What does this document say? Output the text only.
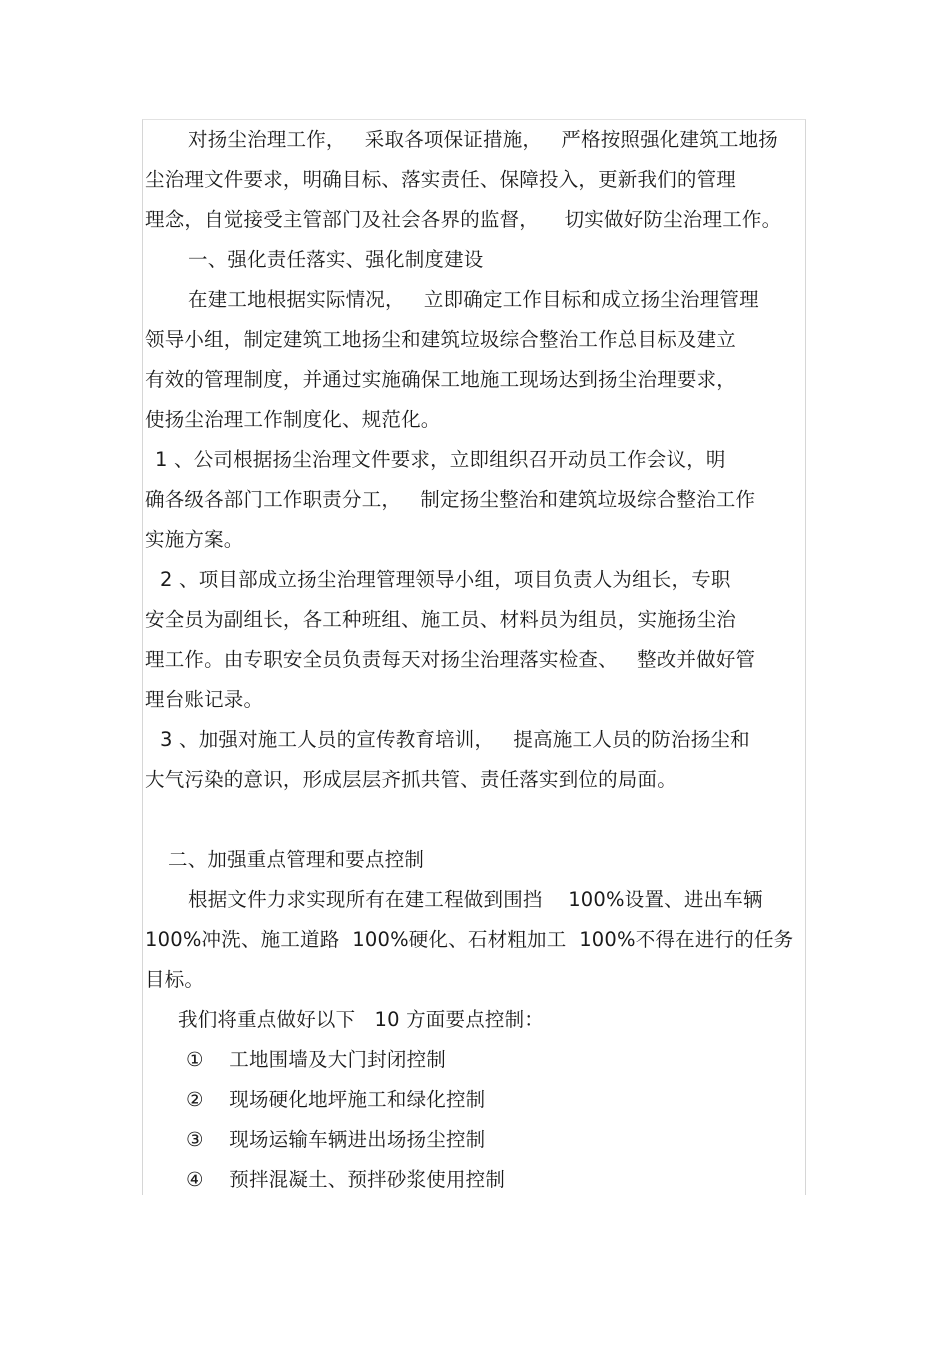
对扬尘治理工作，   采取各项保证措施，   严格按照强化建筑工地扬
尘治理文件要求，明确目标、落实责任、保障投入，更新我们的管理
理念，自觉接受主管部门及社会各界的监督，    切实做好防尘治理工作。
一、强化责任落实、强化制度建设
在建工地根据实际情况，   立即确定工作目标和成立扬尘治理管理
领导小组，制定建筑工地扬尘和建筑垃圾综合整治工作总目标及建立
有效的管理制度，并通过实施确保工地施工现场达到扬尘治理要求，
使扬尘治理工作制度化、规范化。
1 、公司根据扬尘治理文件要求，立即组织召开动员工作会议，明
确各级各部门工作职责分工，   制定扬尘整治和建筑垃圾综合整治工作
实施方案。
2 、项目部成立扬尘治理管理领导小组，项目负责人为组长，专职
安全员为副组长，各工种班组、施工员、材料员为组员，实施扬尘治
理工作。由专职安全员负责每天对扬尘治理落实检查、   整改并做好管
理台账记录。
3 、加强对施工人员的宣传教育培训，   提高施工人员的防治扬尘和
大气污染的意识，形成层层齐抓共管、责任落实到位的局面。
二、加强重点管理和要点控制
根据文件力求实现所有在建工程做到围挡    100%设置、进出车辆
100%冲洗、施工道路  100%硬化、石材粗加工  100%不得在进行的任务
目标。
我们将重点做好以下   10 方面要点控制：
①    工地围墙及大门封闭控制
②    现场硬化地坪施工和绿化控制
③    现场运输车辆进出场扬尘控制
④    预拌混凝土、预拌砂浆使用控制
